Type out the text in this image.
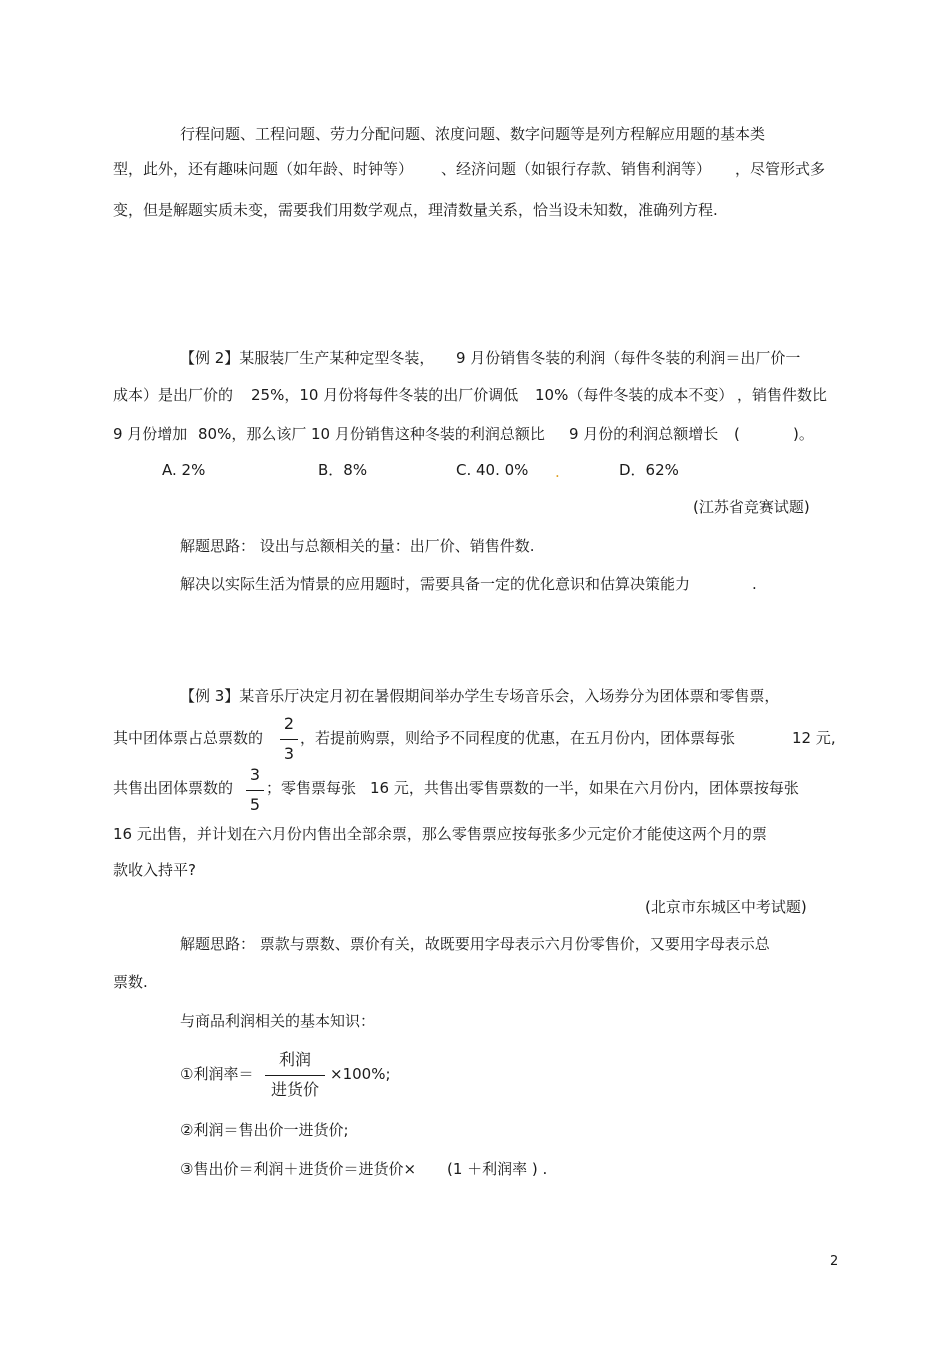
行程问题、工程问题、劳力分配问题、浓度问题、数字问题等是列方程解应用题的基本类
型，此外，还有趣味问题（如年龄、时钟等） 、经济问题（如银行存款、销售利润等） ，尽管形式多
变，但是解题实质未变，需要我们用数学观点，理清数量关系，恰当设未知数，准确列方程.
【例 2】某服装厂生产某种定型冬装， 9 月份销售冬装的利润（每件冬装的利润＝出厂价一
成本）是出厂价的 25%，10 月份将每件冬装的出厂价调低 10%（每件冬装的成本不变） ，销售件数比
9 月份增加 80%，那么该厂 10 月份销售这种冬装的利润总额比 9 月份的利润总额增长 (	)。
A. 2%	B．8%	C. 40. 0% .	D．62%
(江苏省竞赛试题)
解题思路： 设出与总额相关的量：出厂价、销售件数.
解决以实际生活为情景的应用题时，需要具备一定的优化意识和估算决策能力	.
【例 3】某音乐厅决定月初在暑假期间举办学生专场音乐会，入场券分为团体票和零售票，
其中团体票占总票数的
2
3
，若提前购票，则给予不同程度的优惠，在五月份内，团体票每张	12 元,
共售出团体票数的
3
5
；零售票每张 16 元，共售出零售票数的一半，如果在六月份内，团体票按每张
16 元出售，并计划在六月份内售出全部余票，那么零售票应按每张多少元定价才能使这两个月的票
款收入持平?
(北京市东城区中考试题)
解题思路： 票款与票数、票价有关，故既要用字母表示六月份零售价，又要用字母表示总
票数.
与商品利润相关的基本知识：
①利润率＝
利润
进货价
×100%;
②利润＝售出价一进货价;
③售出价＝利润＋进货价＝进货价× (1 ＋利润率 ) .
2
